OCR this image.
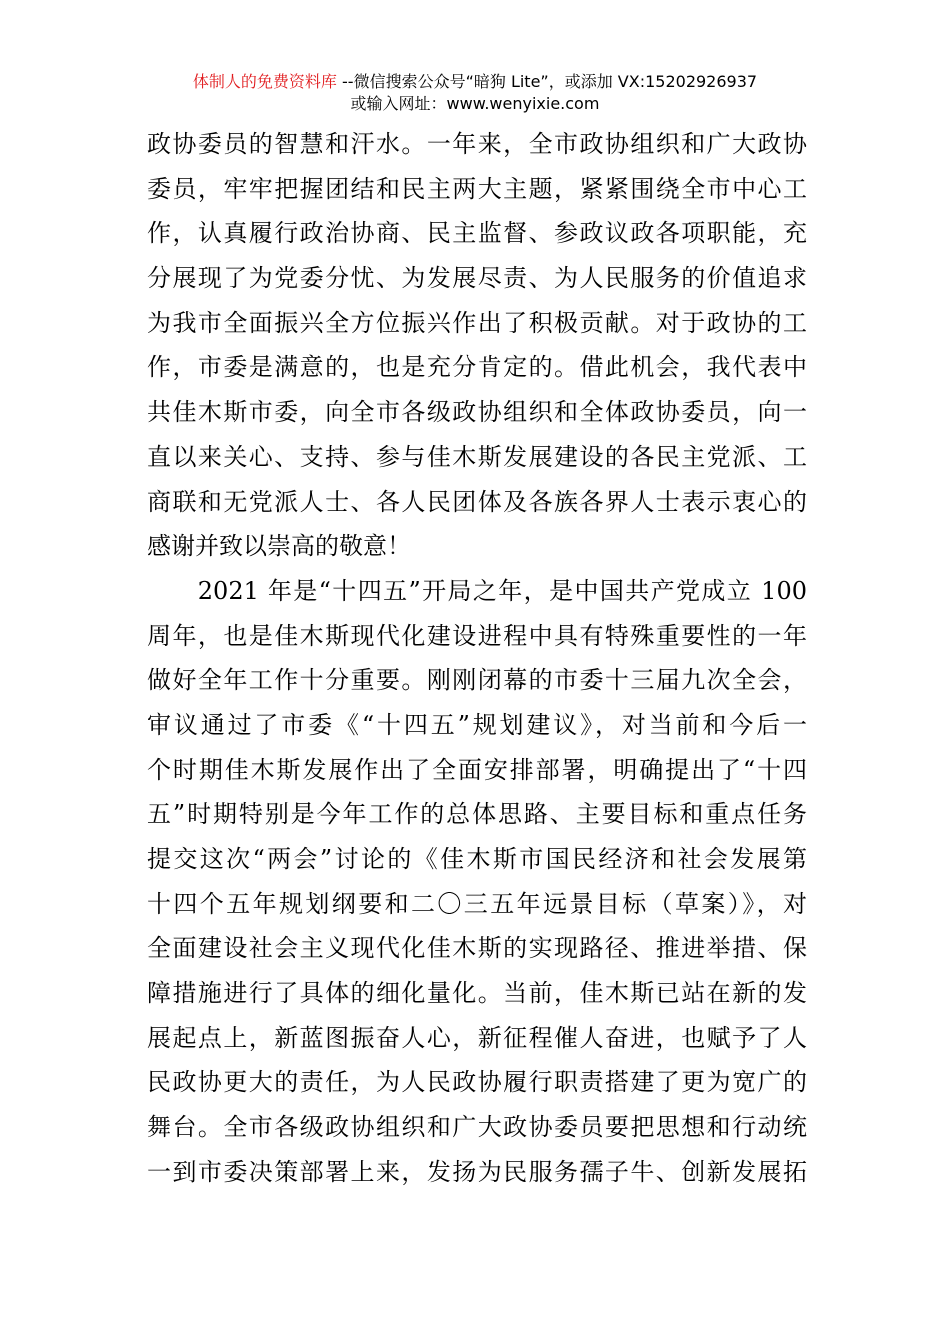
体制人的免费资料库 --微信搜索公众号“暗狗 Lite”，或添加 VX:15202926937
或输入网址：www.wenyixie.com
政协委员的智慧和汗水。一年来，全市政协组织和广大政协
委员，牢牢把握团结和民主两大主题，紧紧围绕全市中心工
作，认真履行政治协商、民主监督、参政议政各项职能，充
分展现了为党委分忧、为发展尽责、为人民服务的价值追求
为我市全面振兴全方位振兴作出了积极贡献。对于政协的工
作，市委是满意的，也是充分肯定的。借此机会，我代表中
共佳木斯市委，向全市各级政协组织和全体政协委员，向一
直以来关心、支持、参与佳木斯发展建设的各民主党派、工
商联和无党派人士、各人民团体及各族各界人士表示衷心的
感谢并致以崇高的敬意！
　　2021 年是“十四五”开局之年，是中国共产党成立 100
周年，也是佳木斯现代化建设进程中具有特殊重要性的一年
做好全年工作十分重要。刚刚闭幕的市委十三届九次全会，
审议通过了市委《“十四五”规划建议》，对当前和今后一
个时期佳木斯发展作出了全面安排部署，明确提出了“十四
五”时期特别是今年工作的总体思路、主要目标和重点任务
提交这次“两会”讨论的《佳木斯市国民经济和社会发展第
十四个五年规划纲要和二〇三五年远景目标（草案）》，对
全面建设社会主义现代化佳木斯的实现路径、推进举措、保
障措施进行了具体的细化量化。当前，佳木斯已站在新的发
展起点上，新蓝图振奋人心，新征程催人奋进，也赋予了人
民政协更大的责任，为人民政协履行职责搭建了更为宽广的
舞台。全市各级政协组织和广大政协委员要把思想和行动统
一到市委决策部署上来，发扬为民服务孺子牛、创新发展拓
